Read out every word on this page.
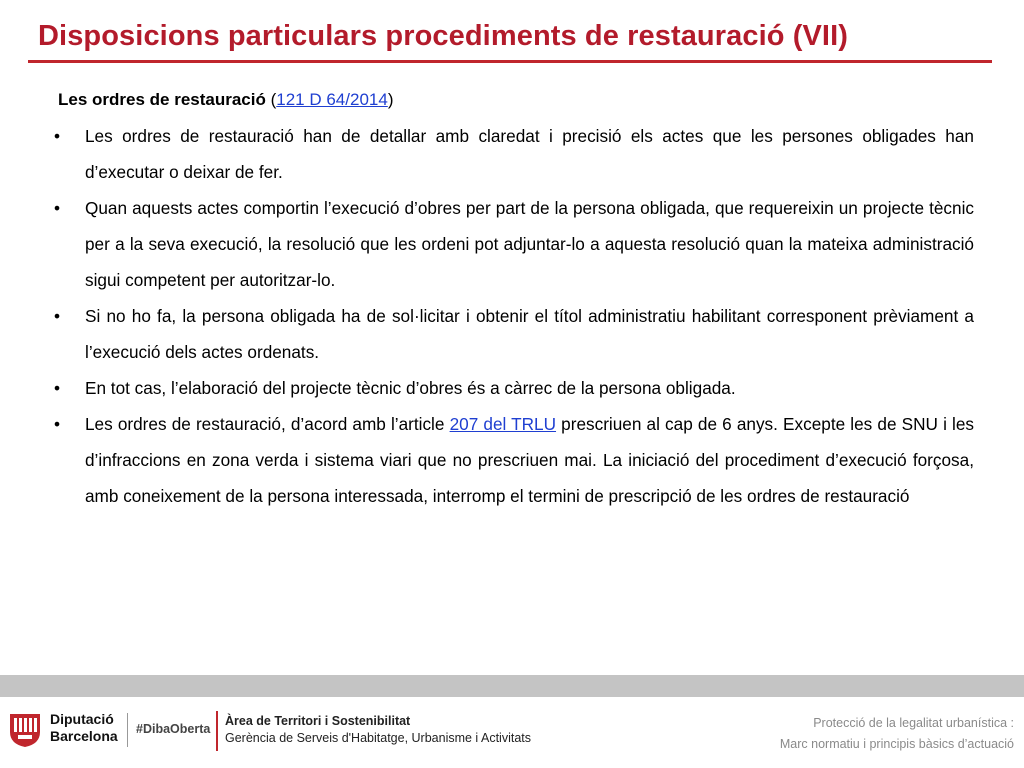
Disposicions particulars procediments de restauració (VII)
Les ordres de restauració (121 D 64/2014)
• Les ordres de restauració han de detallar amb claredat i precisió els actes que les persones obligades han d’executar o deixar de fer.
• Quan aquests actes comportin l’execució d’obres per part de la persona obligada, que requereixin un projecte tècnic per a la seva execució, la resolució que les ordeni pot adjuntar-lo a aquesta resolució quan la mateixa administració sigui competent per autoritzar-lo.
• Si no ho fa, la persona obligada ha de sol·licitar i obtenir el títol administratiu habilitant corresponent prèviament a l’execució dels actes ordenats.
• En tot cas, l’elaboració del projecte tècnic d’obres és a càrrec de la persona obligada.
• Les ordres de restauració, d’acord amb l’article 207 del TRLU prescriuen al cap de 6 anys. Excepte les de SNU i les d’infraccions en zona verda i sistema viari que no prescriuen mai. La iniciació del procediment d’execució forçosa, amb coneixement de la persona interessada, interromp el termini de prescripció de les ordres de restauració
Diputació
Barcelona #DibaOberta
Àrea de Territori i Sostenibilitat
Gerència de Serveis d'Habitatge, Urbanisme i Activitats
Protecció de la legalitat urbanística :
Marc normatiu i principis bàsics d’actuació
